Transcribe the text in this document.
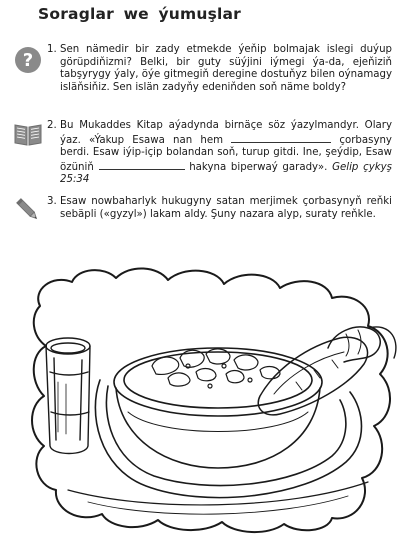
Soraglar we ýumuşlar
?
1. Sen nämedir bir zady etmekde ýeňip bolmajak islegi duýup görüpdiňizmi? Belki, bir guty süýjini iýmegi ýa-da, ejeňiziň tabşyrygy ýaly, öýe gitmegiň deregine dostuňyz bilen oýnamagy isläňsiňiz. Sen islän zadyňy edeniňden soň näme boldy?

2. Bu Mukaddes Kitap aýadynda birnäçe söz ýazylmandyr. Olary ýaz. «Ýakup Esawa nan hem	çorbasyny berdi. Esaw iýip-içip bolandan soň, turup gitdi. Ine, şeýdip, Esaw özüniň	hakyna biperwaý garady». Gelip çykyş 25:34

3. Esaw nowbaharlyk hukugyny satan merjimek çorbasynyň reňki sebäpli («gyzyl») lakam aldy. Şuny nazara alyp, suraty reňkle.
